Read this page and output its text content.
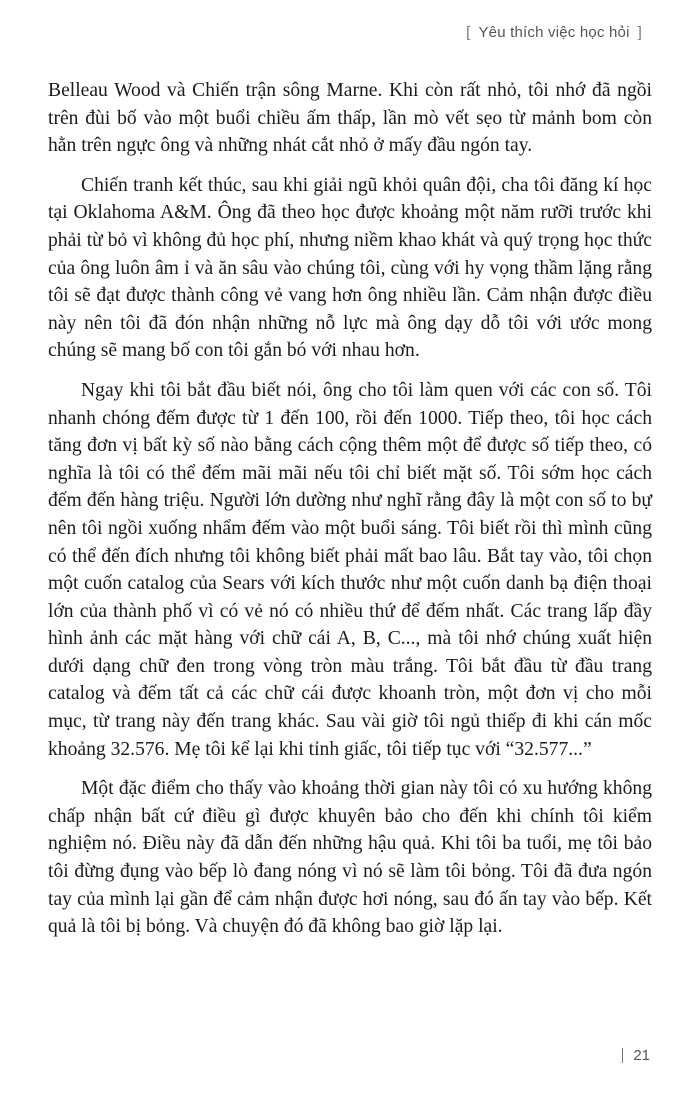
[ Yêu thích việc học hỏi ]

Belleau Wood và Chiến trận sông Marne. Khi còn rất nhỏ, tôi nhớ đã ngồi trên đùi bố vào một buổi chiều ấm thấp, lần mò vết sẹo từ mảnh bom còn hằn trên ngực ông và những nhát cắt nhỏ ở mấy đầu ngón tay.

Chiến tranh kết thúc, sau khi giải ngũ khỏi quân đội, cha tôi đăng kí học tại Oklahoma A&M. Ông đã theo học được khoảng một năm rưỡi trước khi phải từ bỏ vì không đủ học phí, nhưng niềm khao khát và quý trọng học thức của ông luôn âm ỉ và ăn sâu vào chúng tôi, cùng với hy vọng thầm lặng rằng tôi sẽ đạt được thành công vẻ vang hơn ông nhiều lần. Cảm nhận được điều này nên tôi đã đón nhận những nỗ lực mà ông dạy dỗ tôi với ước mong chúng sẽ mang bố con tôi gắn bó với nhau hơn.

Ngay khi tôi bắt đầu biết nói, ông cho tôi làm quen với các con số. Tôi nhanh chóng đếm được từ 1 đến 100, rồi đến 1000. Tiếp theo, tôi học cách tăng đơn vị bất kỳ số nào bằng cách cộng thêm một để được số tiếp theo, có nghĩa là tôi có thể đếm mãi mãi nếu tôi chỉ biết mặt số. Tôi sớm học cách đếm đến hàng triệu. Người lớn dường như nghĩ rằng đây là một con số to bự nên tôi ngồi xuống nhẩm đếm vào một buổi sáng. Tôi biết rồi thì mình cũng có thể đến đích nhưng tôi không biết phải mất bao lâu. Bắt tay vào, tôi chọn một cuốn catalog của Sears với kích thước như một cuốn danh bạ điện thoại lớn của thành phố vì có vẻ nó có nhiều thứ để đếm nhất. Các trang lấp đầy hình ảnh các mặt hàng với chữ cái A, B, C..., mà tôi nhớ chúng xuất hiện dưới dạng chữ đen trong vòng tròn màu trắng. Tôi bắt đầu từ đầu trang catalog và đếm tất cả các chữ cái được khoanh tròn, một đơn vị cho mỗi mục, từ trang này đến trang khác. Sau vài giờ tôi ngủ thiếp đi khi cán mốc khoảng 32.576. Mẹ tôi kể lại khi tỉnh giấc, tôi tiếp tục với “32.577...”

Một đặc điểm cho thấy vào khoảng thời gian này tôi có xu hướng không chấp nhận bất cứ điều gì được khuyên bảo cho đến khi chính tôi kiểm nghiệm nó. Điều này đã dẫn đến những hậu quả. Khi tôi ba tuổi, mẹ tôi bảo tôi đừng đụng vào bếp lò đang nóng vì nó sẽ làm tôi bỏng. Tôi đã đưa ngón tay của mình lại gần để cảm nhận được hơi nóng, sau đó ấn tay vào bếp. Kết quả là tôi bị bỏng. Và chuyện đó đã không bao giờ lặp lại.

21
